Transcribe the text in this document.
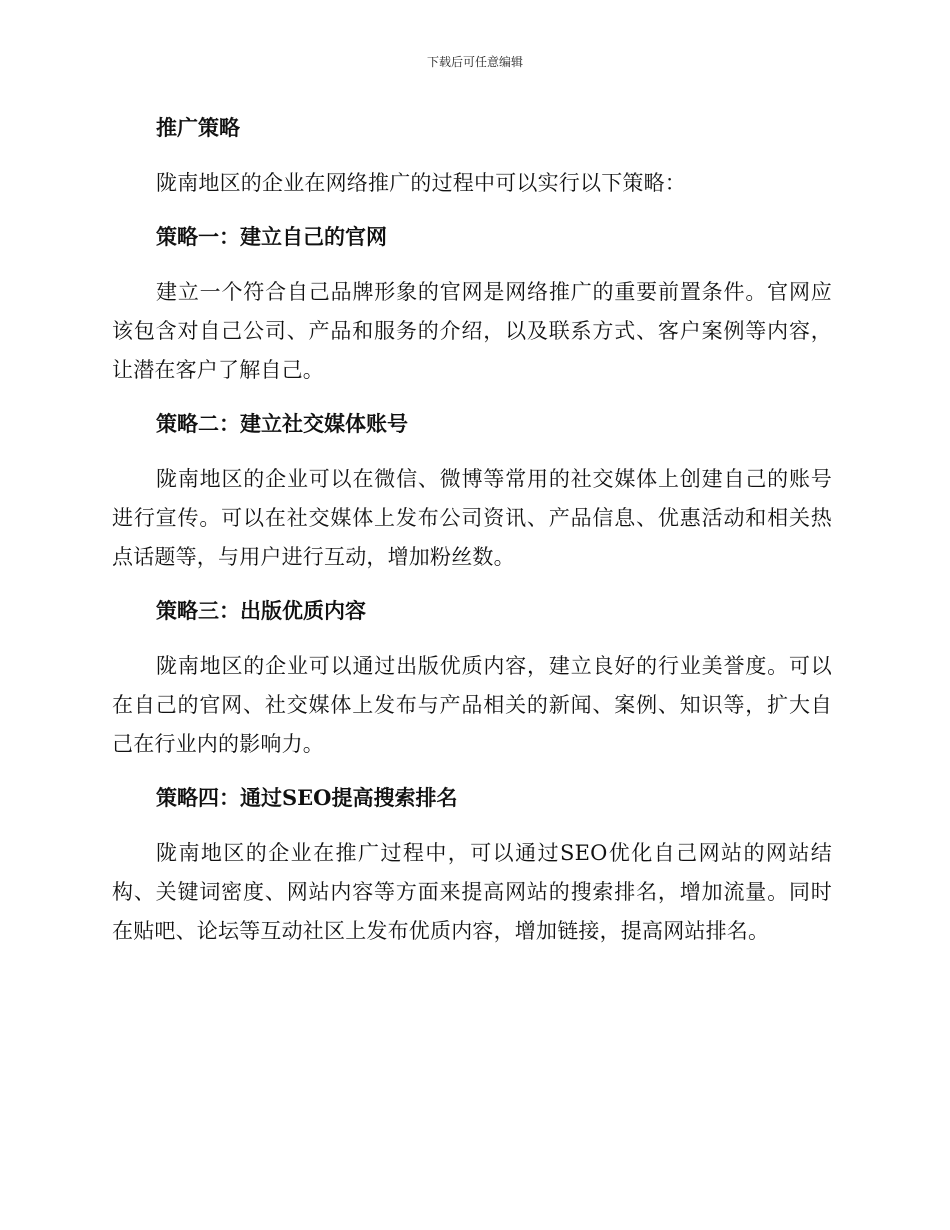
下载后可任意编辑
推广策略

陇南地区的企业在网络推广的过程中可以实行以下策略：

策略一：建立自己的官网

建立一个符合自己品牌形象的官网是网络推广的重要前置条件。官网应该包含对自己公司、产品和服务的介绍，以及联系方式、客户案例等内容，让潜在客户了解自己。

策略二：建立社交媒体账号

陇南地区的企业可以在微信、微博等常用的社交媒体上创建自己的账号进行宣传。可以在社交媒体上发布公司资讯、产品信息、优惠活动和相关热点话题等，与用户进行互动，增加粉丝数。

策略三：出版优质内容

陇南地区的企业可以通过出版优质内容，建立良好的行业美誉度。可以在自己的官网、社交媒体上发布与产品相关的新闻、案例、知识等，扩大自己在行业内的影响力。

策略四：通过SEO提高搜索排名

陇南地区的企业在推广过程中，可以通过SEO优化自己网站的网站结构、关键词密度、网站内容等方面来提高网站的搜索排名，增加流量。同时在贴吧、论坛等互动社区上发布优质内容，增加链接，提高网站排名。
